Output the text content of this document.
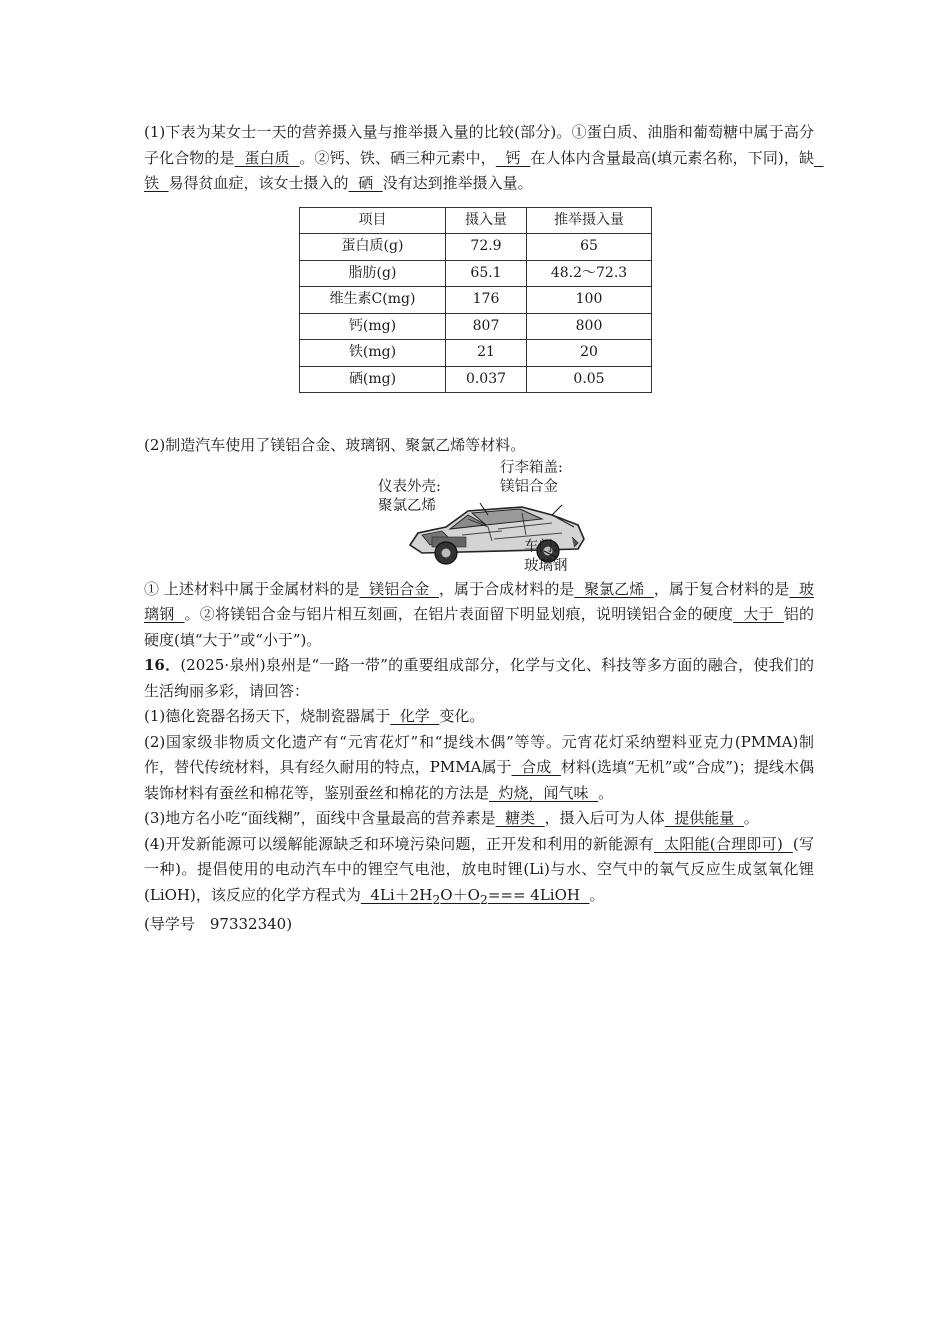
(1)下表为某女士一天的营养摄入量与推举摄入量的比较(部分)。①蛋白质、油脂和葡萄糖中属于高分子化合物的是  蛋白质  。②钙、铁、硒三种元素中，  钙  在人体内含量最高(填元素名称，下同)，缺  铁  易得贫血症，该女士摄入的  硒  没有达到推举摄入量。

项目	摄入量	推举摄入量
蛋白质(g)	72.9	65
脂肪(g)	65.1	48.2～72.3
维生素C(mg)	176	100
钙(mg)	807	800
铁(mg)	21	20
硒(mg)	0.037	0.05

(2)制造汽车使用了镁铝合金、玻璃钢、聚氯乙烯等材料。

行李箱盖:
镁铝合金
仪表外壳:
聚氯乙烯
车门:
玻璃钢

① 上述材料中属于金属材料的是  镁铝合金  ，属于合成材料的是  聚氯乙烯  ，属于复合材料的是  玻璃钢  。②将镁铝合金与铝片相互刻画，在铝片表面留下明显划痕，说明镁铝合金的硬度  大于  铝的硬度(填“大于”或“小于”)。

16．(2025·泉州)泉州是“一路一带”的重要组成部分，化学与文化、科技等多方面的融合，使我们的生活绚丽多彩，请回答：

(1)德化瓷器名扬天下，烧制瓷器属于  化学  变化。

(2)国家级非物质文化遗产有“元宵花灯”和“提线木偶”等等。元宵花灯采纳塑料亚克力(PMMA)制作，替代传统材料，具有经久耐用的特点，PMMA属于  合成  材料(选填“无机”或“合成”)；提线木偶装饰材料有蚕丝和棉花等，鉴别蚕丝和棉花的方法是  灼烧，闻气味  。

(3)地方名小吃“面线糊”，面线中含量最高的营养素是  糖类  ，摄入后可为人体  提供能量  。

(4)开发新能源可以缓解能源缺乏和环境污染问题，正开发和利用的新能源有  太阳能(合理即可)  (写一种)。提倡使用的电动汽车中的锂空气电池，放电时锂(Li)与水、空气中的氧气反应生成氢氧化锂(LiOH)，该反应的化学方程式为  $4Li+2H_2O+O_2===$ 4LiOH  。

(导学号　97332340)
